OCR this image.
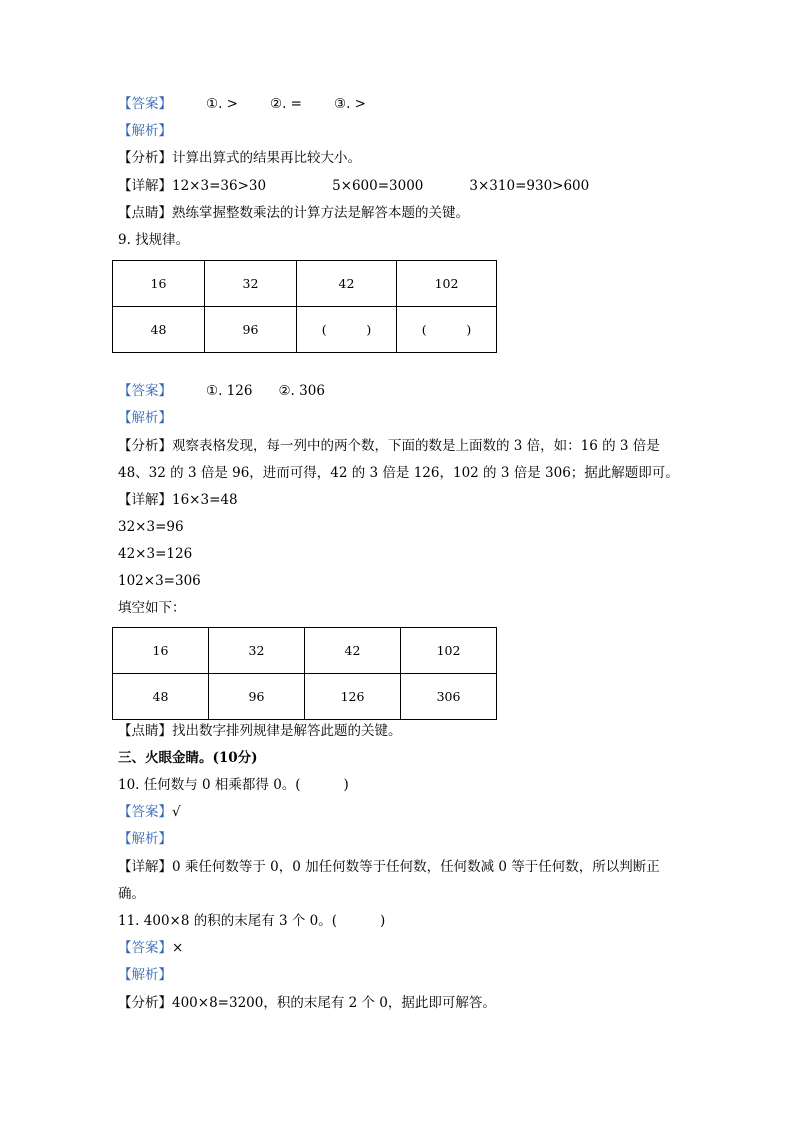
【答案】	①. > ②. = ③. >
【解析】
【分析】计算出算式的结果再比较大小。
【详解】12×3=36>30	5×600=3000	3×310=930>600
【点睛】熟练掌握整数乘法的计算方法是解答本题的关键。
9. 找规律。
16	32	42	102
48	96	(          )	(          )
【答案】	①. 126 ②. 306
【解析】
【分析】观察表格发现，每一列中的两个数，下面的数是上面数的 3 倍，如：16 的 3 倍是
48、32 的 3 倍是 96，进而可得，42 的 3 倍是 126，102 的 3 倍是 306；据此解题即可。
【详解】16×3=48
32×3=96
42×3=126
102×3=306
填空如下：
16	32	42	102
48	96	126	306
【点睛】找出数字排列规律是解答此题的关键。
三、火眼金睛。(10分)
10. 任何数与 0 相乘都得 0。(          )
【答案】√
【解析】
【详解】0 乘任何数等于 0，0 加任何数等于任何数，任何数减 0 等于任何数，所以判断正
确。
11. 400×8 的积的末尾有 3 个 0。(          )
【答案】×
【解析】
【分析】400×8=3200，积的末尾有 2 个 0，据此即可解答。
